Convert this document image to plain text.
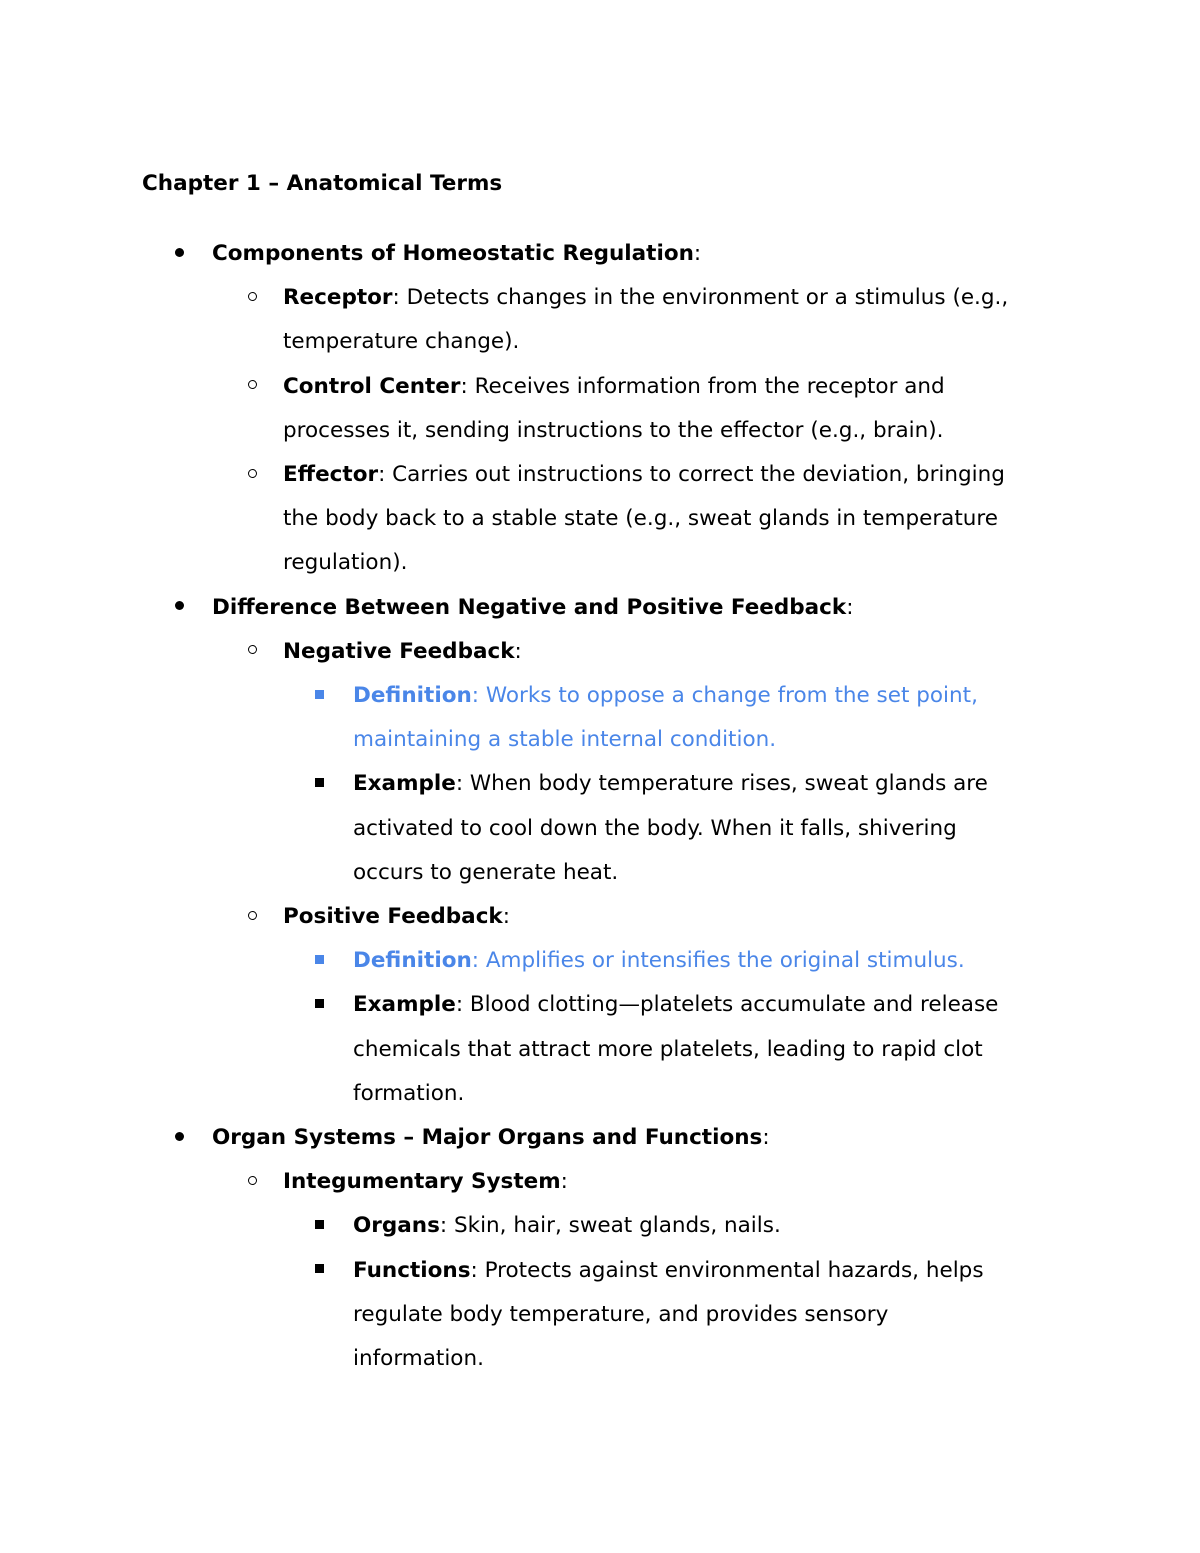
Chapter 1 – Anatomical Terms
Components of Homeostatic Regulation:
Receptor: Detects changes in the environment or a stimulus (e.g.,
temperature change).
Control Center: Receives information from the receptor and
processes it, sending instructions to the effector (e.g., brain).
Effector: Carries out instructions to correct the deviation, bringing
the body back to a stable state (e.g., sweat glands in temperature
regulation).
Difference Between Negative and Positive Feedback:
Negative Feedback:
Definition: Works to oppose a change from the set point,
maintaining a stable internal condition.
Example: When body temperature rises, sweat glands are
activated to cool down the body. When it falls, shivering
occurs to generate heat.
Positive Feedback:
Definition: Amplifies or intensifies the original stimulus.
Example: Blood clotting—platelets accumulate and release
chemicals that attract more platelets, leading to rapid clot
formation.
Organ Systems – Major Organs and Functions:
Integumentary System:
Organs: Skin, hair, sweat glands, nails.
Functions: Protects against environmental hazards, helps
regulate body temperature, and provides sensory
information.
